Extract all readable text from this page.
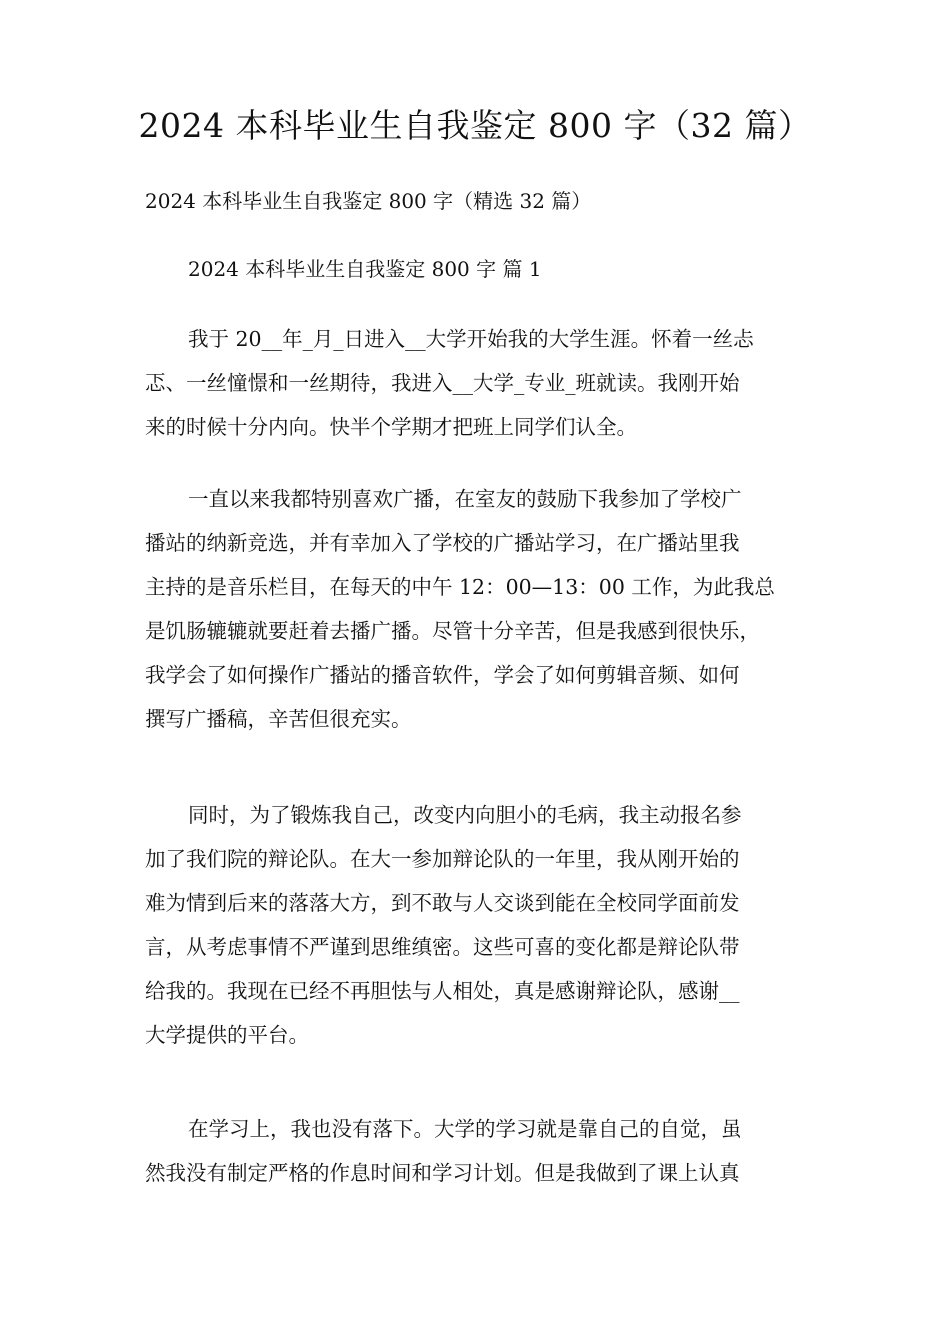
2024 本科毕业生自我鉴定 800 字（32 篇）

2024 本科毕业生自我鉴定 800 字（精选 32 篇）

2024 本科毕业生自我鉴定 800 字 篇 1

我于 20__年_月_日进入__大学开始我的大学生涯。怀着一丝忐
忑、一丝憧憬和一丝期待，我进入__大学_专业_班就读。我刚开始
来的时候十分内向。快半个学期才把班上同学们认全。

一直以来我都特别喜欢广播，在室友的鼓励下我参加了学校广
播站的纳新竞选，并有幸加入了学校的广播站学习，在广播站里我
主持的是音乐栏目，在每天的中午 12：00—13：00 工作，为此我总
是饥肠辘辘就要赶着去播广播。尽管十分辛苦，但是我感到很快乐，
我学会了如何操作广播站的播音软件，学会了如何剪辑音频、如何
撰写广播稿，辛苦但很充实。

同时，为了锻炼我自己，改变内向胆小的毛病，我主动报名参
加了我们院的辩论队。在大一参加辩论队的一年里，我从刚开始的
难为情到后来的落落大方，到不敢与人交谈到能在全校同学面前发
言，从考虑事情不严谨到思维缜密。这些可喜的变化都是辩论队带
给我的。我现在已经不再胆怯与人相处，真是感谢辩论队，感谢__
大学提供的平台。

在学习上，我也没有落下。大学的学习就是靠自己的自觉，虽
然我没有制定严格的作息时间和学习计划。但是我做到了课上认真
